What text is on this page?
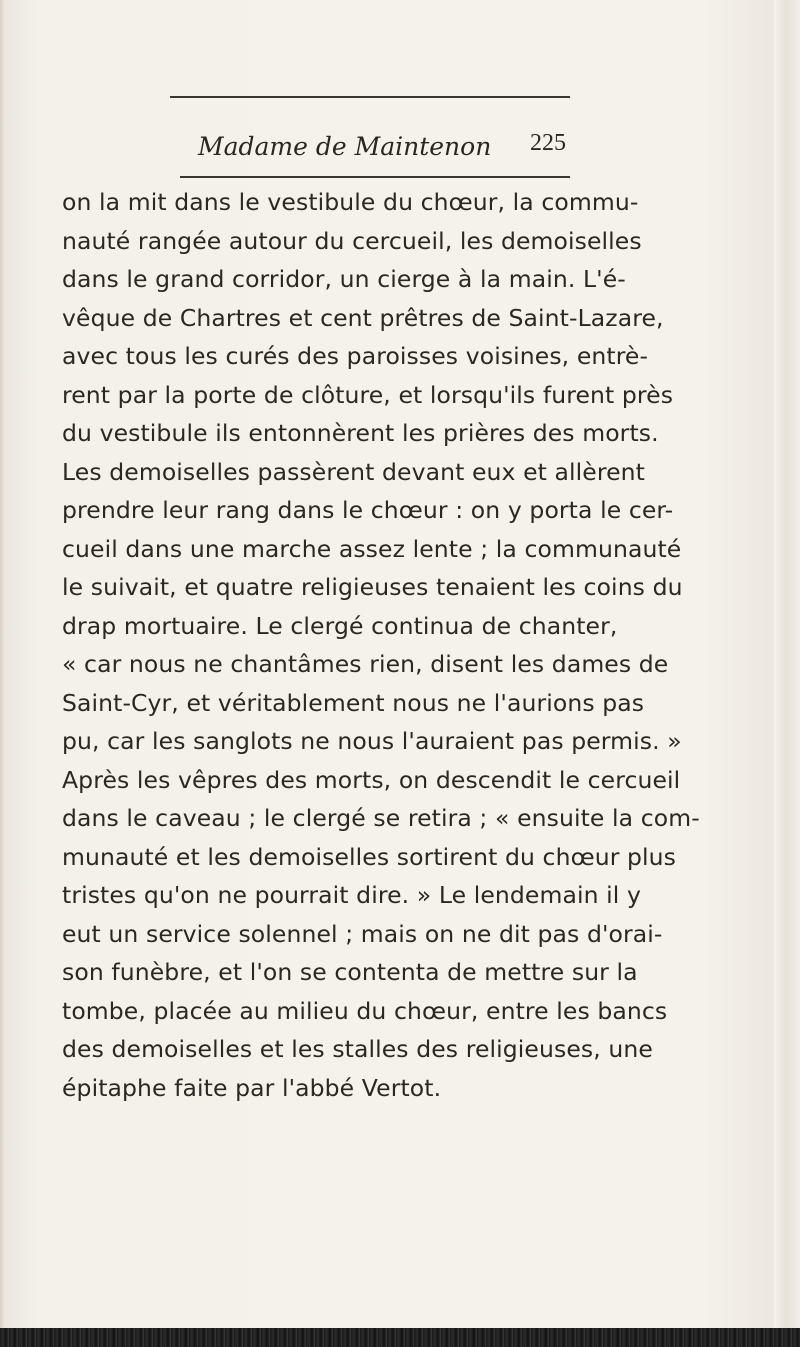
Madame de Maintenon 225
on la mit dans le vestibule du chœur, la commu-
nauté rangée autour du cercueil, les demoiselles
dans le grand corridor, un cierge à la main. L'é-
vêque de Chartres et cent prêtres de Saint-Lazare,
avec tous les curés des paroisses voisines, entrè-
rent par la porte de clôture, et lorsqu'ils furent près
du vestibule ils entonnèrent les prières des morts.
Les demoiselles passèrent devant eux et allèrent
prendre leur rang dans le chœur : on y porta le cer-
cueil dans une marche assez lente ; la communauté
le suivait, et quatre religieuses tenaient les coins du
drap mortuaire. Le clergé continua de chanter,
« car nous ne chantâmes rien, disent les dames de
Saint-Cyr, et véritablement nous ne l'aurions pas
pu, car les sanglots ne nous l'auraient pas permis. »
Après les vêpres des morts, on descendit le cercueil
dans le caveau ; le clergé se retira ; « ensuite la com-
munauté et les demoiselles sortirent du chœur plus
tristes qu'on ne pourrait dire. » Le lendemain il y
eut un service solennel ; mais on ne dit pas d'orai-
son funèbre, et l'on se contenta de mettre sur la
tombe, placée au milieu du chœur, entre les bancs
des demoiselles et les stalles des religieuses, une
épitaphe faite par l'abbé Vertot.
